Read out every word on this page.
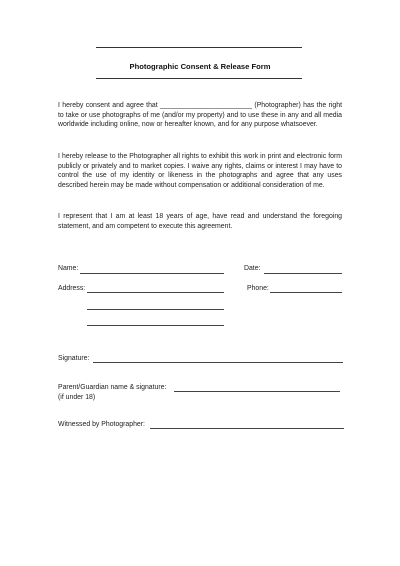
Photographic Consent & Release Form
I hereby consent and agree that ________________________ (Photographer) has the right to take or use photographs of me (and/or my property) and to use these in any and all media worldwide including online, now or hereafter known, and for any purpose whatsoever.
I hereby release to the Photographer all rights to exhibit this work in print and electronic form publicly or privately and to market copies. I waive any rights, claims or interest I may have to control the use of my identity or likeness in the photographs and agree that any uses described herein may be made without compensation or additional consideration of me.
I represent that I am at least 18 years of age, have read and understand the foregoing statement, and am competent to execute this agreement.
Name:	Date:
Address:	Phone:
Signature:
Parent/Guardian name & signature:
(if under 18)
Witnessed by Photographer:
